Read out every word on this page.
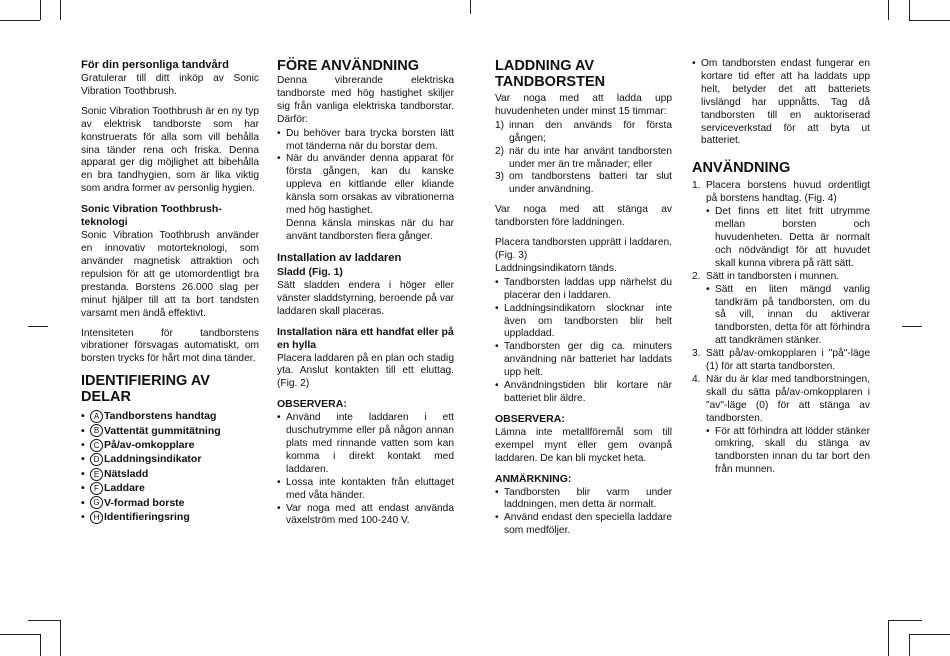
För din personliga tandvård

Gratulerar till ditt inköp av Sonic Vibration Toothbrush.

Sonic Vibration Toothbrush är en ny typ av elektrisk tandborste som har konstruerats för alla som vill behålla sina tänder rena och friska. Denna apparat ger dig möjlighet att bibehålla en bra tandhygien, som är lika viktig som andra former av personlig hygien.

Sonic Vibration Toothbrush-teknologi

Sonic Vibration Toothbrush använder en innovativ motorteknologi, som använder magnetisk attraktion och repulsion för att ge utomordentligt bra prestanda. Borstens 26.000 slag per minut hjälper till att ta bort tandsten varsamt men ändå effektivt.

Intensiteten för tandborstens vibrationer försvagas automatiskt, om borsten trycks för hårt mot dina tänder.

IDENTIFIERING AV DELAR
• A Tandborstens handtag
• B Vattentät gummitätning
• C På/av-omkopplare
• D Laddningsindikator
• E Nätsladd
• F Laddare
• G V-formad borste
• H Identifieringsring
FÖRE ANVÄNDNING

Denna vibrerande elektriska tandborste med hög hastighet skiljer sig från vanliga elektriska tandborstar. Därför:

• Du behöver bara trycka borsten lätt mot tänderna när du borstar dem.
• När du använder denna apparat för första gången, kan du kanske uppleva en kittlande eller kliande känsla som orsakas av vibrationerna med hög hastighet.
Denna känsla minskas när du har använt tandborsten flera gånger.
Installation av laddaren
Sladd (Fig. 1)

Sätt sladden endera i höger eller vänster sladdstyrning, beroende på var laddaren skall placeras.

Installation nära ett handfat eller på en hylla

Placera laddaren på en plan och stadig yta. Anslut kontakten till ett eluttag. (Fig. 2)

OBSERVERA:
• Använd inte laddaren i ett duschutrymme eller på någon annan plats med rinnande vatten som kan komma i direkt kontakt med laddaren.
• Lossa inte kontakten från eluttaget med våta händer.
• Var noga med att endast använda växelström med 100-240 V.
LADDNING AV TANDBORSTEN

Var noga med att ladda upp huvudenheten under minst 15 timmar:

1) innan den används för första gången;
2) när du inte har använt tandborsten under mer än tre månader; eller
3) om tandborstens batteri tar slut under användning.

Var noga med att stänga av tandborsten före laddningen.

Placera tandborsten upprätt i laddaren. (Fig. 3)
Laddningsindikatorn tänds.

• Tandborsten laddas upp närhelst du placerar den i laddaren.
• Laddningsindikatorn slocknar inte även om tandborsten blir helt uppladdad.
• Tandborsten ger dig ca. minuters användning när batteriet har laddats upp helt.
• Användningstiden blir kortare när batteriet blir äldre.
OBSERVERA:

Lämna inte metallföremål som till exempel mynt eller gem ovanpå laddaren. De kan bli mycket heta.

ANMÄRKNING:
• Tandborsten blir varm under laddningen, men detta är normalt.
• Använd endast den speciella laddare som medföljer.
• Om tandborsten endast fungerar en kortare tid efter att ha laddats upp helt, betyder det att batteriets livslängd har uppnåtts. Tag då tandborsten till en auktoriserad serviceverkstad för att byta ut batteriet.
ANVÄNDNING
1. Placera borstens huvud ordentligt på borstens handtag. (Fig. 4)
• Det finns ett litet fritt utrymme mellan borsten och huvudenheten. Detta är normalt och nödvändigt för att huvudet skall kunna vibrera på rätt sätt.
2. Sätt in tandborsten i munnen.
• Sätt en liten mängd vanlig tandkräm på tandborsten, om du så vill, innan du aktiverar tandborsten, detta för att förhindra att tandkrämen stänker.
3. Sätt på/av-omkopplaren i "på"-läge (1) för att starta tandborsten.
4. När du är klar med tandborstningen, skall du sätta på/av-omkopplaren i "av"-läge (0) för att stänga av tandborsten.
• För att förhindra att lödder stänker omkring, skall du stänga av tandborsten innan du tar bort den från munnen.
